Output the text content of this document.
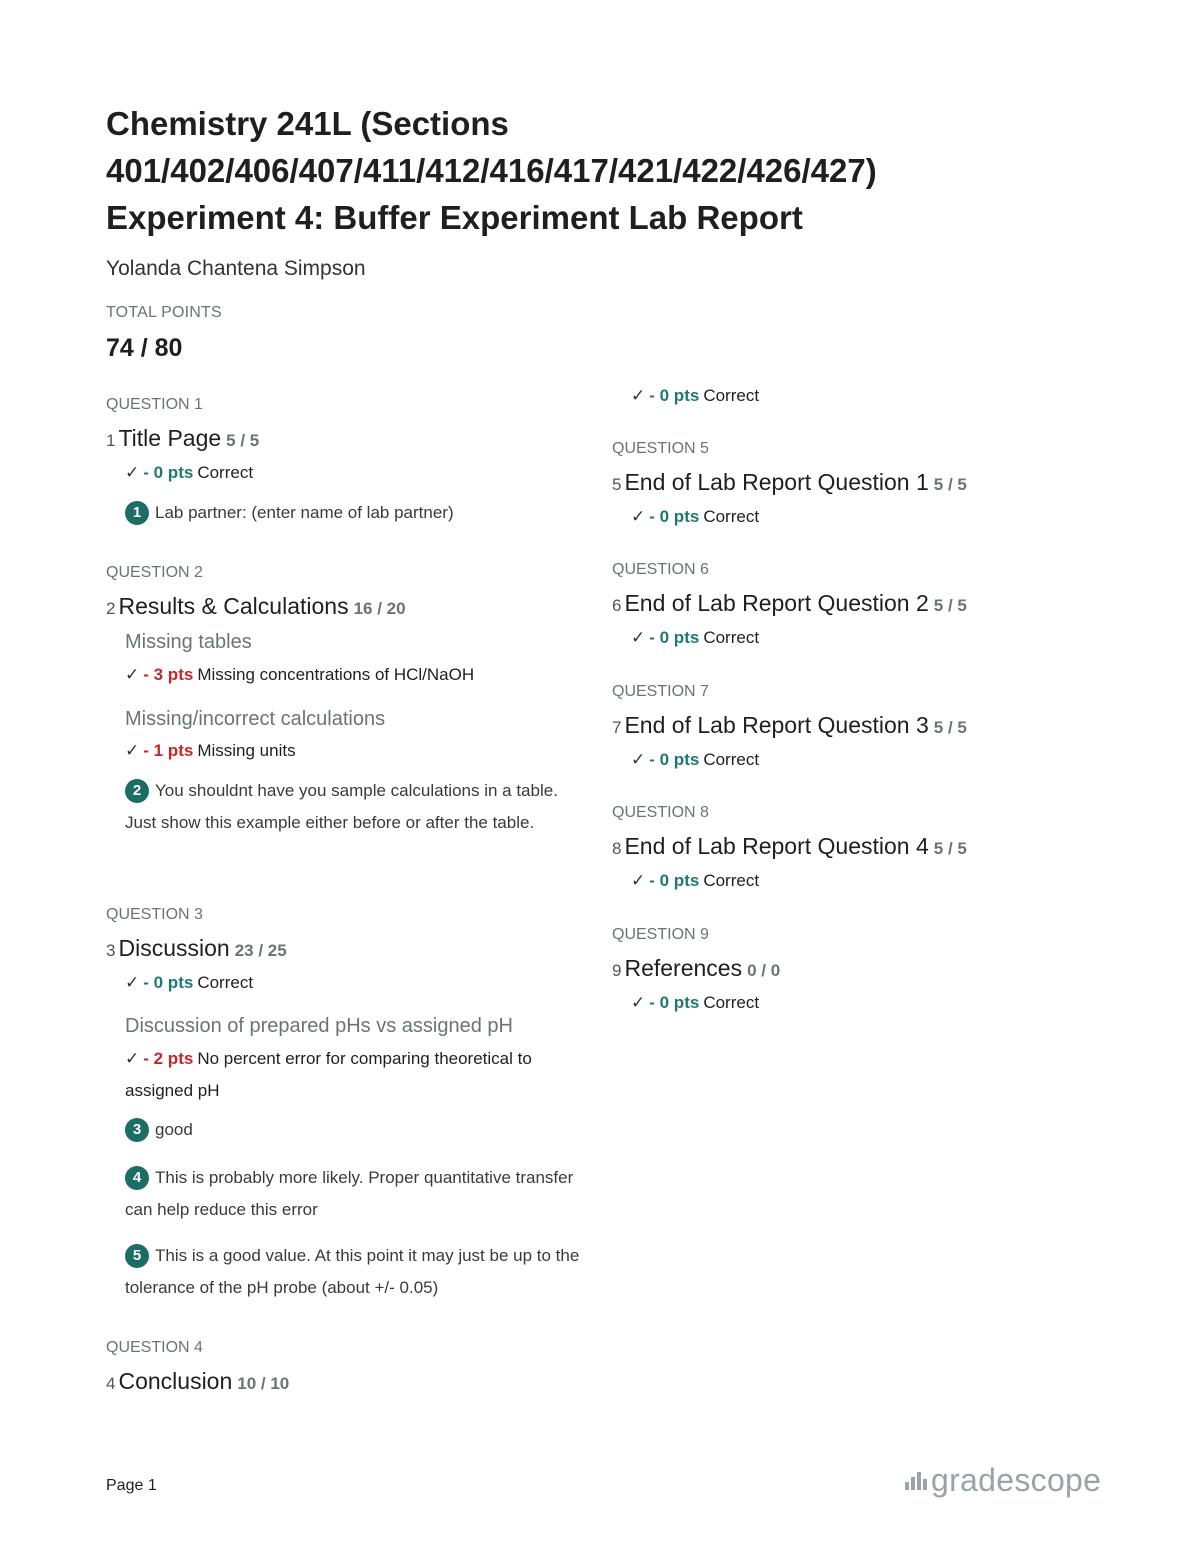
Chemistry 241L (Sections
401/402/406/407/411/412/416/417/421/422/426/427)
Experiment 4: Buffer Experiment Lab Report
Yolanda Chantena Simpson
TOTAL POINTS
74 / 80
QUESTION 1
1 Title Page 5 / 5
✓ - 0 pts Correct
1 Lab partner: (enter name of lab partner)
QUESTION 2
2 Results & Calculations 16 / 20
Missing tables
✓ - 3 pts Missing concentrations of HCl/NaOH
Missing/incorrect calculations
✓ - 1 pts Missing units
2 You shouldnt have you sample calculations in a table. Just show this example either before or after the table.
QUESTION 3
3 Discussion 23 / 25
✓ - 0 pts Correct
Discussion of prepared pHs vs assigned pH
✓ - 2 pts No percent error for comparing theoretical to assigned pH
3 good
4 This is probably more likely. Proper quantitative transfer can help reduce this error
5 This is a good value. At this point it may just be up to the tolerance of the pH probe (about +/- 0.05)
QUESTION 4
4 Conclusion 10 / 10
✓ - 0 pts Correct
QUESTION 5
5 End of Lab Report Question 1 5 / 5
✓ - 0 pts Correct
QUESTION 6
6 End of Lab Report Question 2 5 / 5
✓ - 0 pts Correct
QUESTION 7
7 End of Lab Report Question 3 5 / 5
✓ - 0 pts Correct
QUESTION 8
8 End of Lab Report Question 4 5 / 5
✓ - 0 pts Correct
QUESTION 9
9 References 0 / 0
✓ - 0 pts Correct
Page 1	gradescope
